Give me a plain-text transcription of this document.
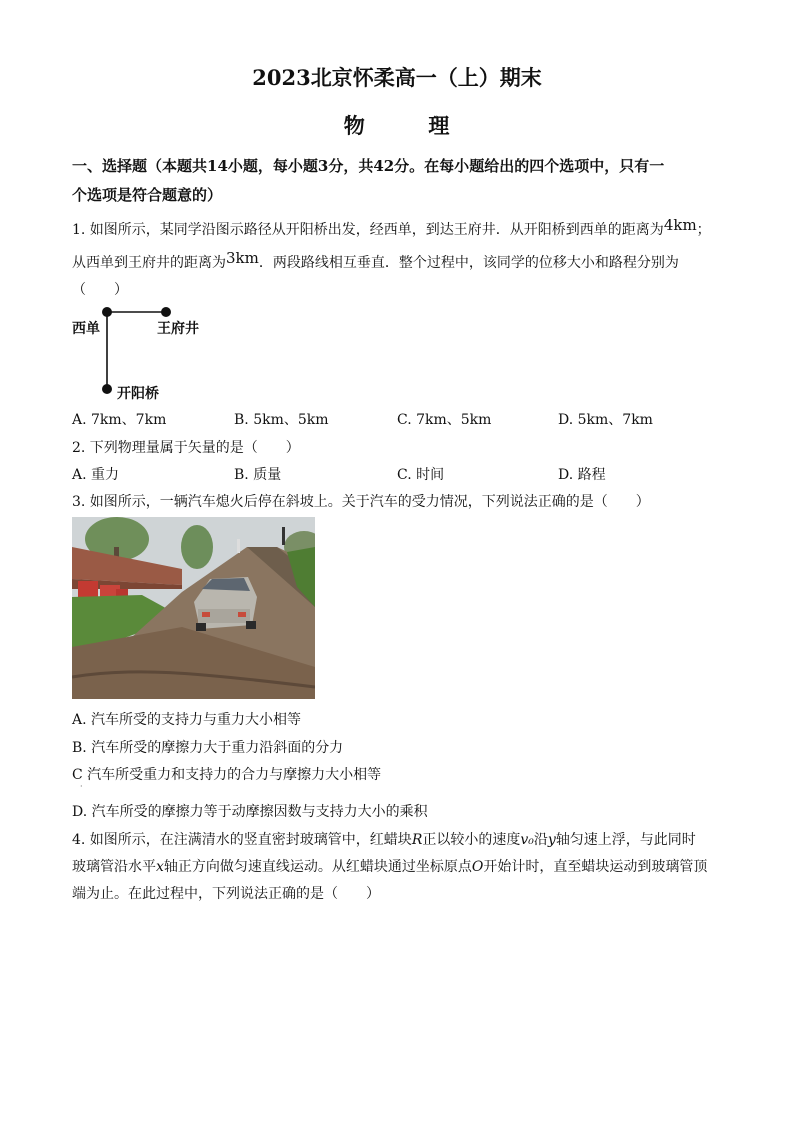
2023北京怀柔高一（上）期末
物	理
一、选择题（本题共14小题，每小题3分，共42分。在每小题给出的四个选项中，只有一
个选项是符合题意的）
1. 如图所示，某同学沿图示路径从开阳桥出发，经西单，到达王府井．从开阳桥到西单的距离为4km；
从西单到王府井的距离为3km．两段路线相互垂直．整个过程中，该同学的位移大小和路程分别为
（　　）
西单	王府井
开阳桥
A. 7km、7km	B. 5km、5km	C. 7km、5km	D. 5km、7km
2. 下列物理量属于矢量的是（　　）
A. 重力	B. 质量	C. 时间	D. 路程
3. 如图所示，一辆汽车熄火后停在斜坡上。关于汽车的受力情况，下列说法正确的是（　　）
A. 汽车所受的支持力与重力大小相等
B. 汽车所受的摩擦力大于重力沿斜面的分力
C 汽车所受重力和支持力的合力与摩擦力大小相等
·
D. 汽车所受的摩擦力等于动摩擦因数与支持力大小的乘积
4. 如图所示，在注满清水的竖直密封玻璃管中，红蜡块R正以较小的速度v₀沿y轴匀速上浮，与此同时
玻璃管沿水平x轴正方向做匀速直线运动。从红蜡块通过坐标原点O开始计时，直至蜡块运动到玻璃管顶
端为止。在此过程中，下列说法正确的是（　　）
